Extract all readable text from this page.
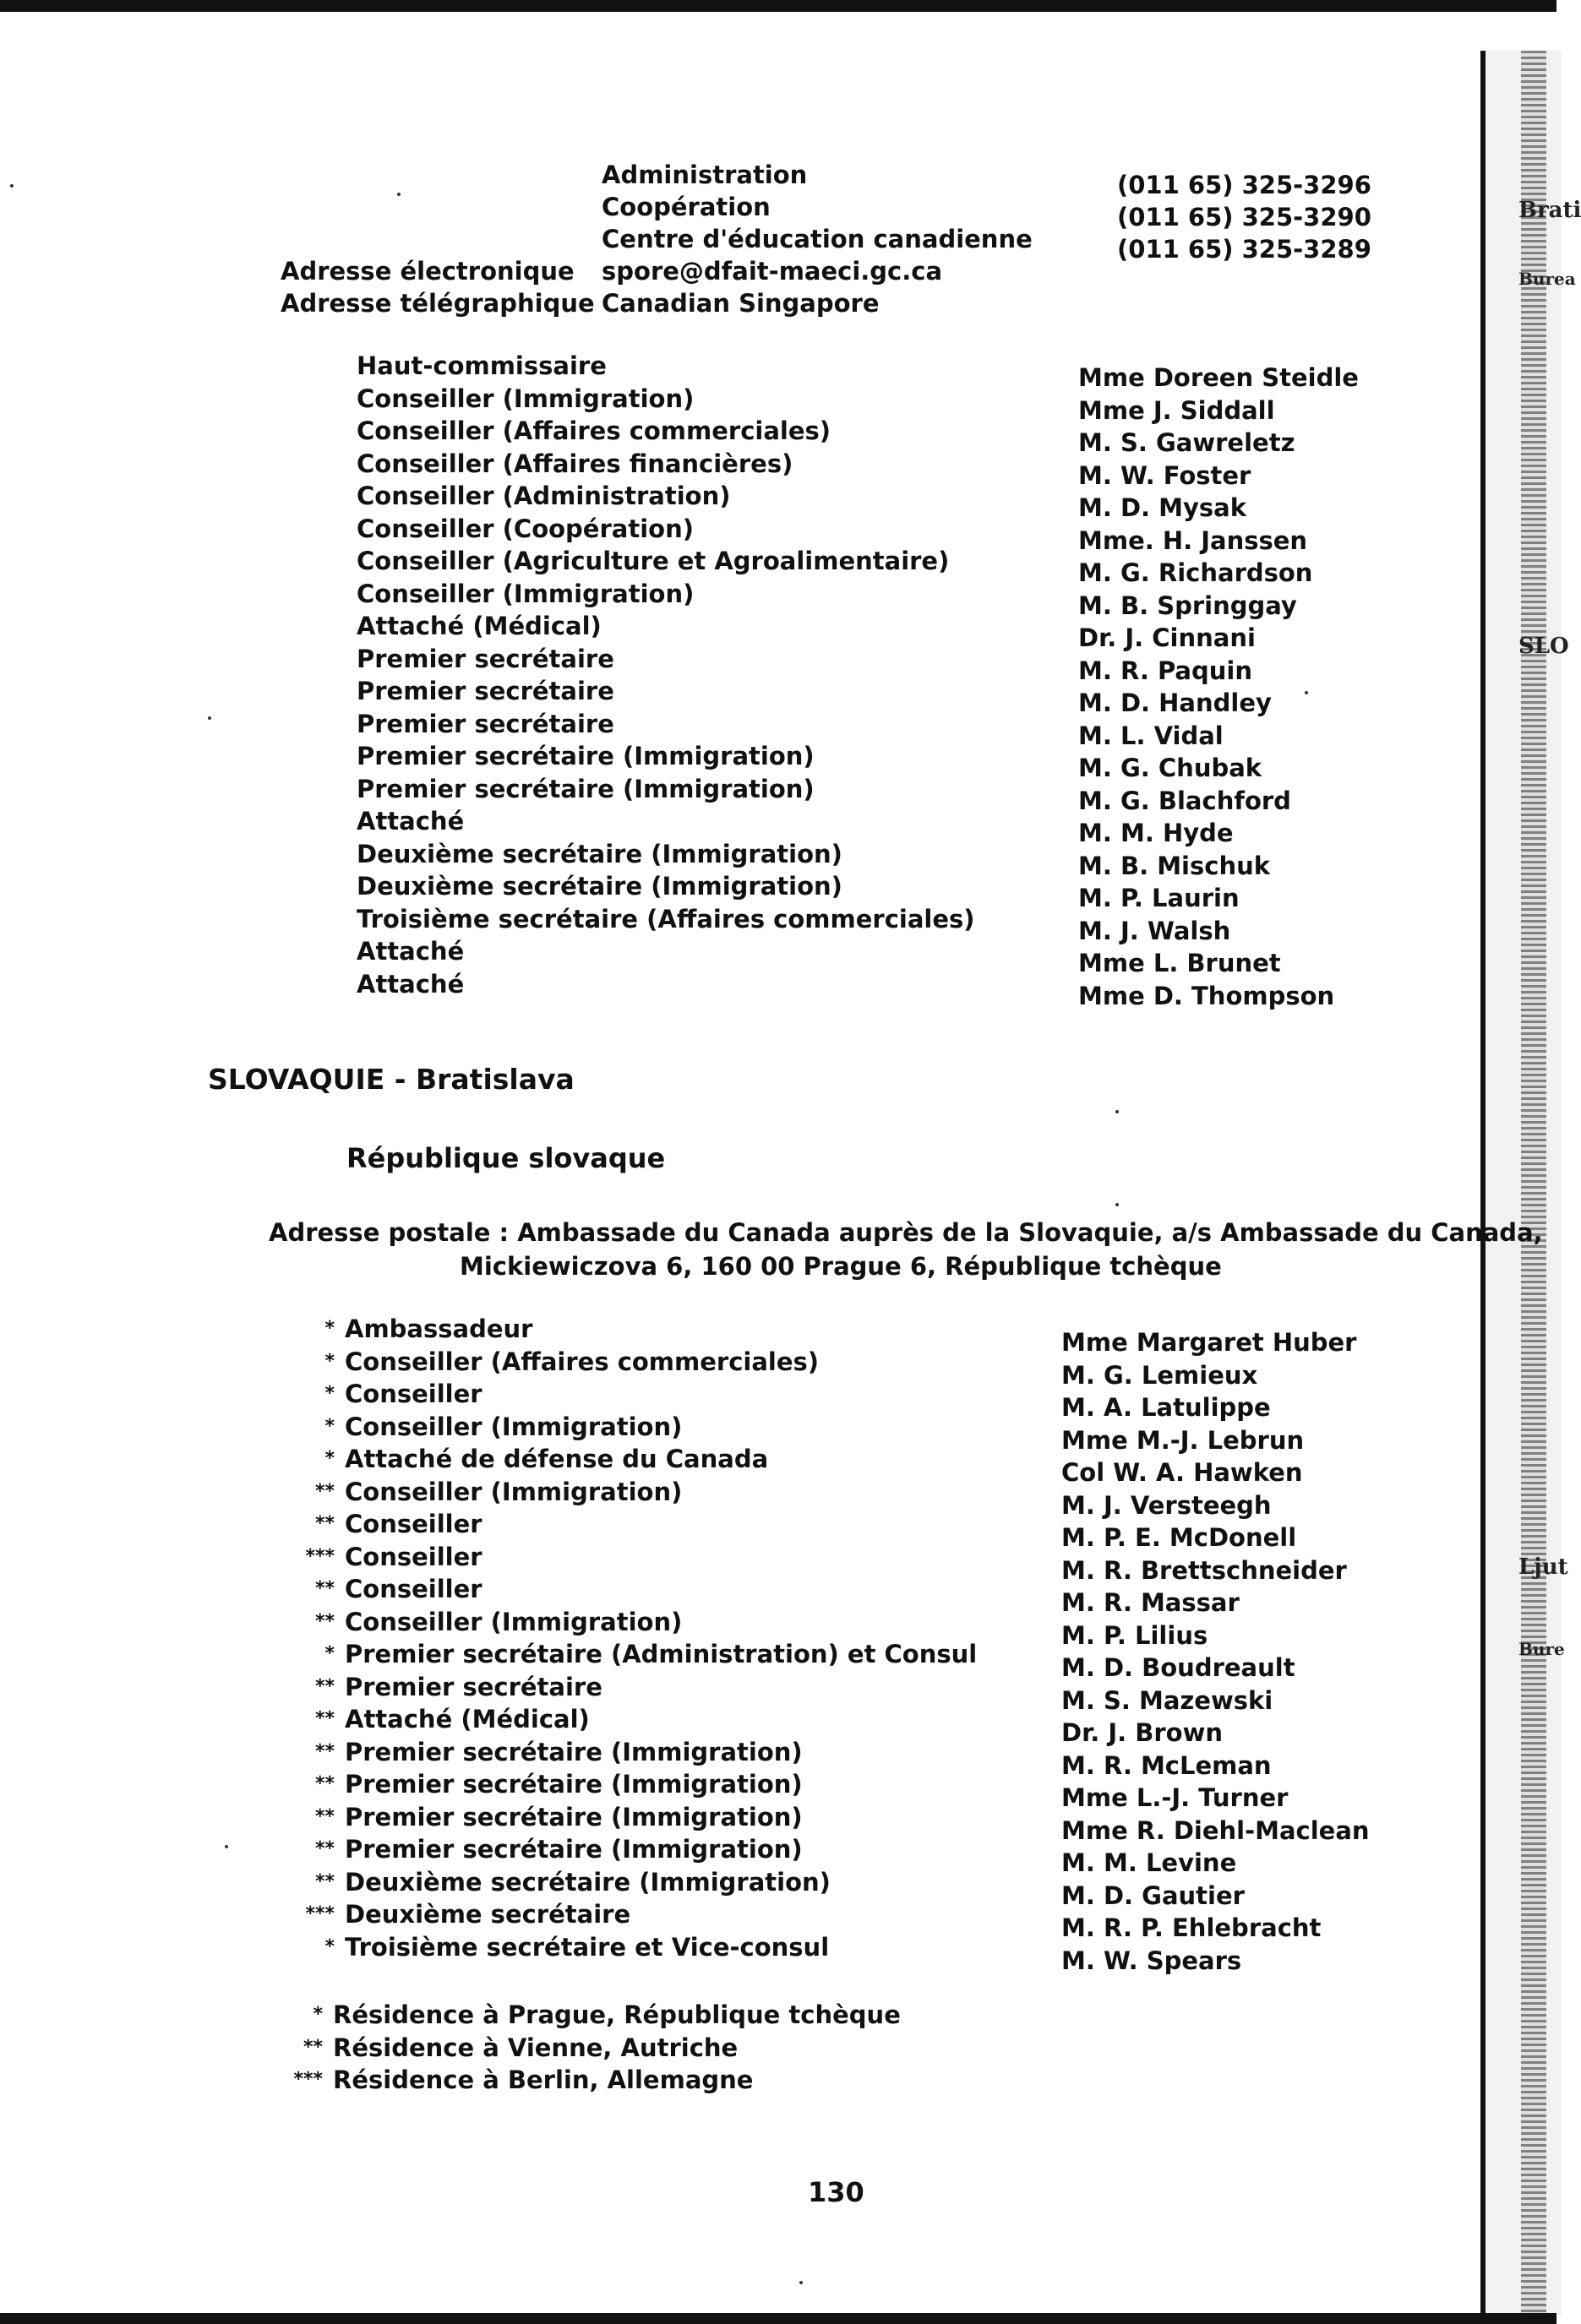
Brati
Burea
SLO
Ljut
Bure
Administration
Coopération
Centre d'éducation canadienne
(011 65) 325-3296
(011 65) 325-3290
(011 65) 325-3289
Adresse électronique spore@dfait-maeci.gc.ca
Adresse télégraphique Canadian Singapore
Haut-commissaire
Conseiller (Immigration)
Conseiller (Affaires commerciales)
Conseiller (Affaires financières)
Conseiller (Administration)
Conseiller (Coopération)
Conseiller (Agriculture et Agroalimentaire)
Conseiller (Immigration)
Attaché (Médical)
Premier secrétaire
Premier secrétaire
Premier secrétaire
Premier secrétaire (Immigration)
Premier secrétaire (Immigration)
Attaché
Deuxième secrétaire (Immigration)
Deuxième secrétaire (Immigration)
Troisième secrétaire (Affaires commerciales)
Attaché
Attaché
Mme Doreen Steidle
Mme J. Siddall
M. S. Gawreletz
M. W. Foster
M. D. Mysak
Mme. H. Janssen
M. G. Richardson
M. B. Springgay
Dr. J. Cinnani
M. R. Paquin
M. D. Handley
M. L. Vidal
M. G. Chubak
M. G. Blachford
M. M. Hyde
M. B. Mischuk
M. P. Laurin
M. J. Walsh
Mme L. Brunet
Mme D. Thompson
SLOVAQUIE - Bratislava
République slovaque
Adresse postale : Ambassade du Canada auprès de la Slovaquie, a/s Ambassade du Canada,
Mickiewiczova 6, 160 00 Prague 6, République tchèque
* Ambassadeur
* Conseiller (Affaires commerciales)
* Conseiller
* Conseiller (Immigration)
* Attaché de défense du Canada
** Conseiller (Immigration)
** Conseiller
*** Conseiller
** Conseiller
** Conseiller (Immigration)
* Premier secrétaire (Administration) et Consul
** Premier secrétaire
** Attaché (Médical)
** Premier secrétaire (Immigration)
** Premier secrétaire (Immigration)
** Premier secrétaire (Immigration)
** Premier secrétaire (Immigration)
** Deuxième secrétaire (Immigration)
*** Deuxième secrétaire
* Troisième secrétaire et Vice-consul
Mme Margaret Huber
M. G. Lemieux
M. A. Latulippe
Mme M.-J. Lebrun
Col W. A. Hawken
M. J. Versteegh
M. P. E. McDonell
M. R. Brettschneider
M. R. Massar
M. P. Lilius
M. D. Boudreault
M. S. Mazewski
Dr. J. Brown
M. R. McLeman
Mme L.-J. Turner
Mme R. Diehl-Maclean
M. M. Levine
M. D. Gautier
M. R. P. Ehlebracht
M. W. Spears
* Résidence à Prague, République tchèque
** Résidence à Vienne, Autriche
*** Résidence à Berlin, Allemagne
130
